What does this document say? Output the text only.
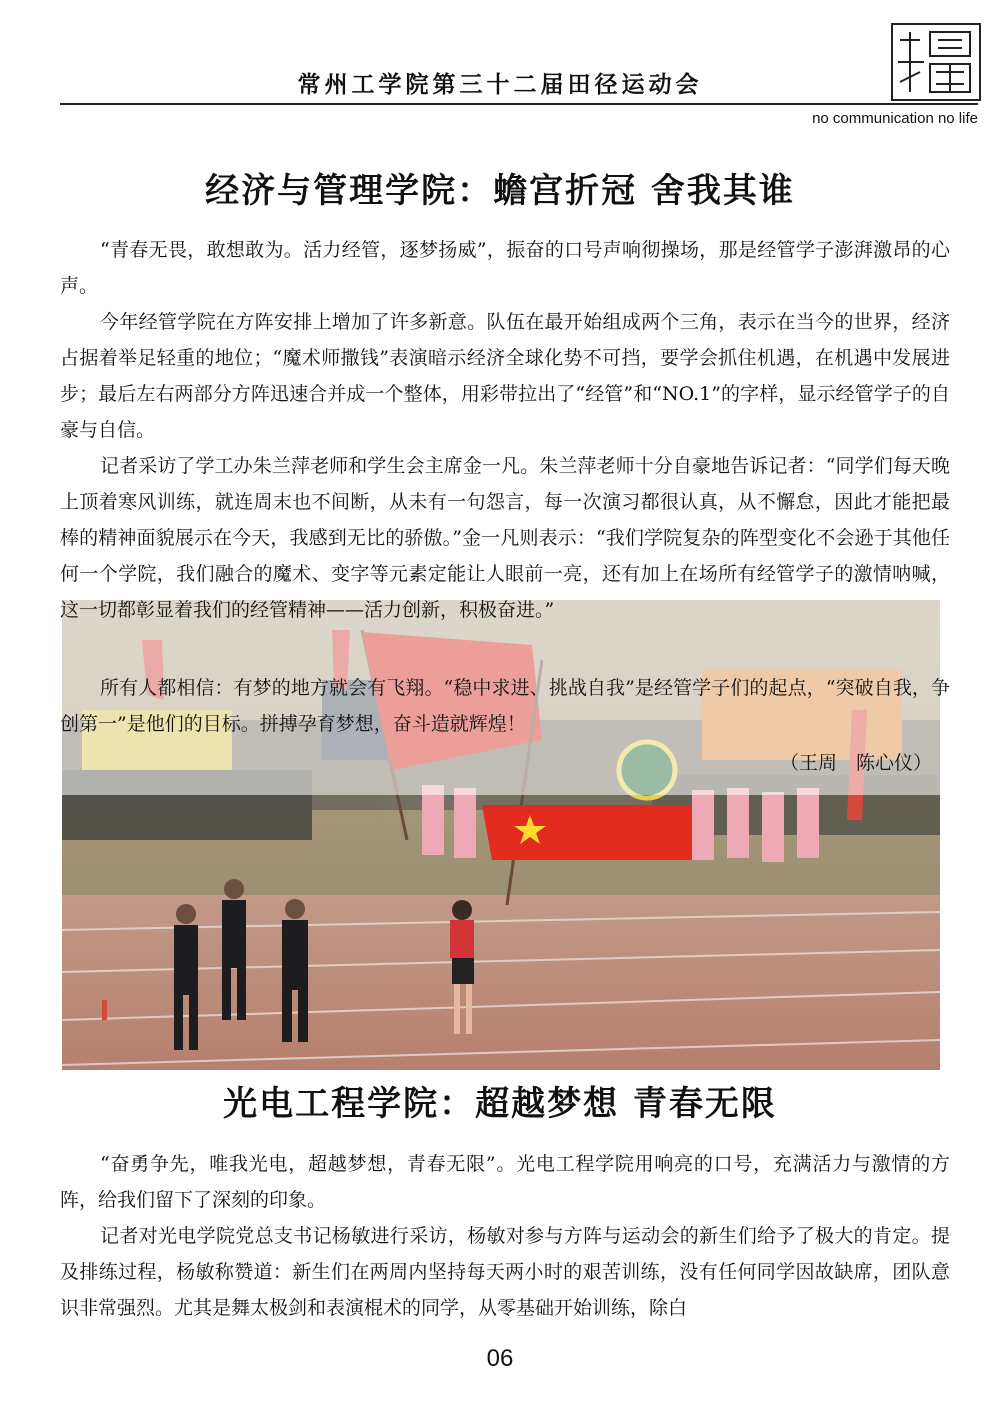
常州工学院第三十二届田径运动会
no communication no life
经济与管理学院：蟾宫折冠 舍我其谁

“青春无畏，敢想敢为。活力经管，逐梦扬威”，振奋的口号声响彻操场，那是经管学子澎湃激昂的心声。

今年经管学院在方阵安排上增加了许多新意。队伍在最开始组成两个三角，表示在当今的世界，经济占据着举足轻重的地位；“魔术师撒钱”表演暗示经济全球化势不可挡，要学会抓住机遇，在机遇中发展进步；最后左右两部分方阵迅速合并成一个整体，用彩带拉出了“经管”和“NO.1”的字样，显示经管学子的自豪与自信。

记者采访了学工办朱兰萍老师和学生会主席金一凡。朱兰萍老师十分自豪地告诉记者：“同学们每天晚上顶着寒风训练，就连周末也不间断，从未有一句怨言，每一次演习都很认真，从不懈怠，因此才能把最棒的精神面貌展示在今天，我感到无比的骄傲。”金一凡则表示：“我们学院复杂的阵型变化不会逊于其他任何一个学院，我们融合的魔术、变字等元素定能让人眼前一亮，还有加上在场所有经管学子的激情呐喊，这一切都彰显着我们的经管精神——活力创新，积极奋进。”

所有人都相信：有梦的地方就会有飞翔。“稳中求进、挑战自我”是经管学子们的起点，“突破自我，争创第一”是他们的目标。拼搏孕育梦想，奋斗造就辉煌！

（王周　陈心仪）
光电工程学院：超越梦想 青春无限

“奋勇争先，唯我光电，超越梦想，青春无限”。光电工程学院用响亮的口号，充满活力与激情的方阵，给我们留下了深刻的印象。

记者对光电学院党总支书记杨敏进行采访，杨敏对参与方阵与运动会的新生们给予了极大的肯定。提及排练过程，杨敏称赞道：新生们在两周内坚持每天两小时的艰苦训练，没有任何同学因故缺席，团队意识非常强烈。尤其是舞太极剑和表演棍术的同学，从零基础开始训练，除白

06
